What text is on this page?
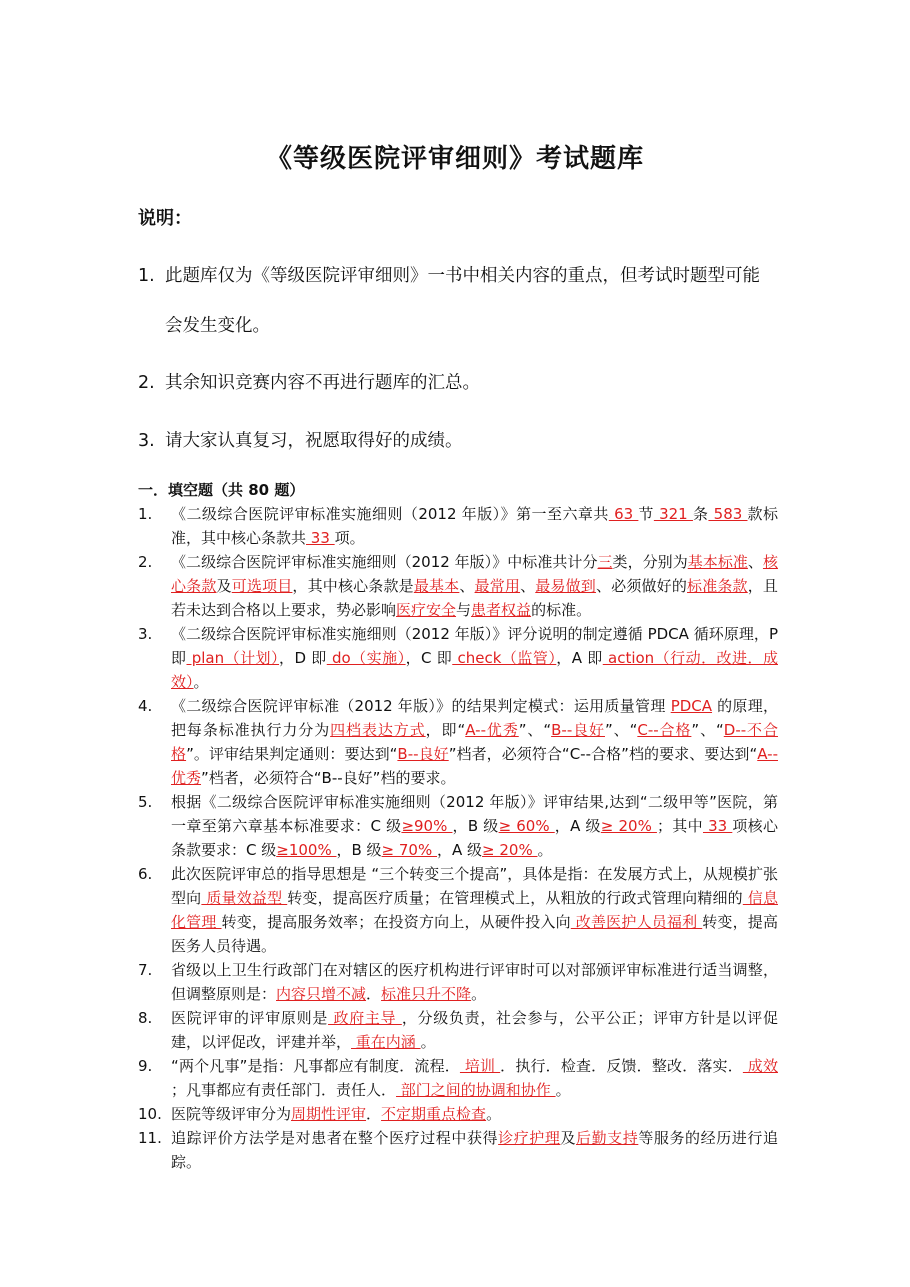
《等级医院评审细则》考试题库
说明：
1. 此题库仅为《等级医院评审细则》一书中相关内容的重点，但考试时题型可能
会发生变化。
2. 其余知识竞赛内容不再进行题库的汇总。
3. 请大家认真复习，祝愿取得好的成绩。
一．填空题（共 80 题）
1. 《二级综合医院评审标准实施细则（2012 年版）》第一至六章共 63 节 321 条 583 款标准，其中核心条款共 33 项。
2. 《二级综合医院评审标准实施细则（2012 年版）》中标准共计分三类，分别为基本标准、核心条款及可选项目，其中核心条款是最基本、最常用、最易做到、必须做好的标准条款，且若未达到合格以上要求，势必影响医疗安全与患者权益的标准。
3. 《二级综合医院评审标准实施细则（2012 年版）》评分说明的制定遵循 PDCA 循环原理，P 即 plan（计划），D 即 do（实施），C 即 check（监管），A 即 action（行动．改进．成效）。
4. 《二级综合医院评审标准（2012 年版）》的结果判定模式：运用质量管理 PDCA 的原理，把每条标准执行力分为四档表达方式，即“A--优秀”、“B--良好”、“C--合格”、“D--不合格”。评审结果判定通则：要达到“B--良好”档者，必须符合“C--合格”档的要求、要达到“A--优秀”档者，必须符合“B--良好”档的要求。
5. 根据《二级综合医院评审标准实施细则（2012 年版）》评审结果,达到“二级甲等”医院，第一章至第六章基本标准要求：C 级≥90% ，B 级≥ 60% ，A 级≥ 20% ；其中 33 项核心条款要求：C 级≥100% ，B 级≥ 70% ，A 级≥ 20% 。
6. 此次医院评审总的指导思想是 “三个转变三个提高”，具体是指：在发展方式上，从规模扩张型向 质量效益型 转变，提高医疗质量；在管理模式上，从粗放的行政式管理向精细的 信息化管理 转变，提高服务效率；在投资方向上，从硬件投入向 改善医护人员福利 转变，提高医务人员待遇。
7. 省级以上卫生行政部门在对辖区的医疗机构进行评审时可以对部颁评审标准进行适当调整，但调整原则是：内容只增不减．标准只升不降。
8. 医院评审的评审原则是 政府主导 ，分级负责，社会参与，公平公正；评审方针是以评促建，以评促改，评建并举， 重在内涵 。
9. “两个凡事”是指：凡事都应有制度．流程． 培训 ．执行．检查．反馈．整改．落实． 成效 ；凡事都应有责任部门．责任人． 部门之间的协调和协作 。
10. 医院等级评审分为周期性评审．不定期重点检查。
11. 追踪评价方法学是对患者在整个医疗过程中获得诊疗护理及后勤支持等服务的经历进行追踪。
